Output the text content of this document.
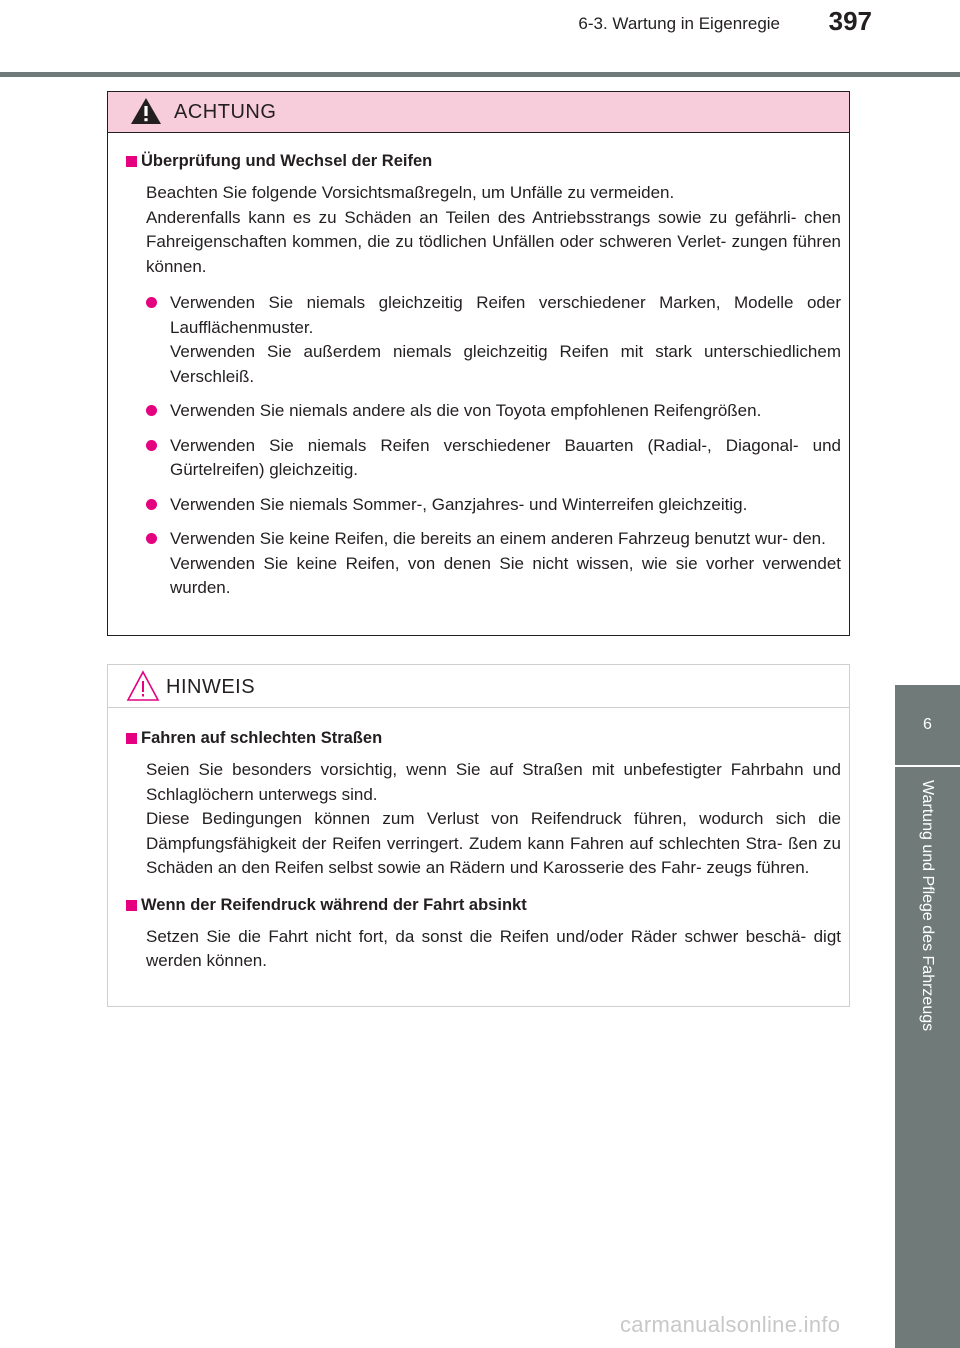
6-3. Wartung in Eigenregie	397
6
Wartung und Pflege des Fahrzeugs
ACHTUNG
Überprüfung und Wechsel der Reifen

Beachten Sie folgende Vorsichtsmaßregeln, um Unfälle zu vermeiden.

Anderenfalls kann es zu Schäden an Teilen des Antriebsstrangs sowie zu gefährli- chen Fahreigenschaften kommen, die zu tödlichen Unfällen oder schweren Verlet- zungen führen können.

Verwenden Sie niemals gleichzeitig Reifen verschiedener Marken, Modelle oder Laufflächenmuster.
Verwenden Sie außerdem niemals gleichzeitig Reifen mit stark unterschiedlichem Verschleiß.
Verwenden Sie niemals andere als die von Toyota empfohlenen Reifengrößen.
Verwenden Sie niemals Reifen verschiedener Bauarten (Radial-, Diagonal- und Gürtelreifen) gleichzeitig.
Verwenden Sie niemals Sommer-, Ganzjahres- und Winterreifen gleichzeitig.
Verwenden Sie keine Reifen, die bereits an einem anderen Fahrzeug benutzt wur- den.
Verwenden Sie keine Reifen, von denen Sie nicht wissen, wie sie vorher verwendet wurden.
HINWEIS
Fahren auf schlechten Straßen

Seien Sie besonders vorsichtig, wenn Sie auf Straßen mit unbefestigter Fahrbahn und Schlaglöchern unterwegs sind.

Diese Bedingungen können zum Verlust von Reifendruck führen, wodurch sich die Dämpfungsfähigkeit der Reifen verringert. Zudem kann Fahren auf schlechten Stra- ßen zu Schäden an den Reifen selbst sowie an Rädern und Karosserie des Fahr- zeugs führen.

Wenn der Reifendruck während der Fahrt absinkt

Setzen Sie die Fahrt nicht fort, da sonst die Reifen und/oder Räder schwer beschä- digt werden können.

carmanualsonline.info
